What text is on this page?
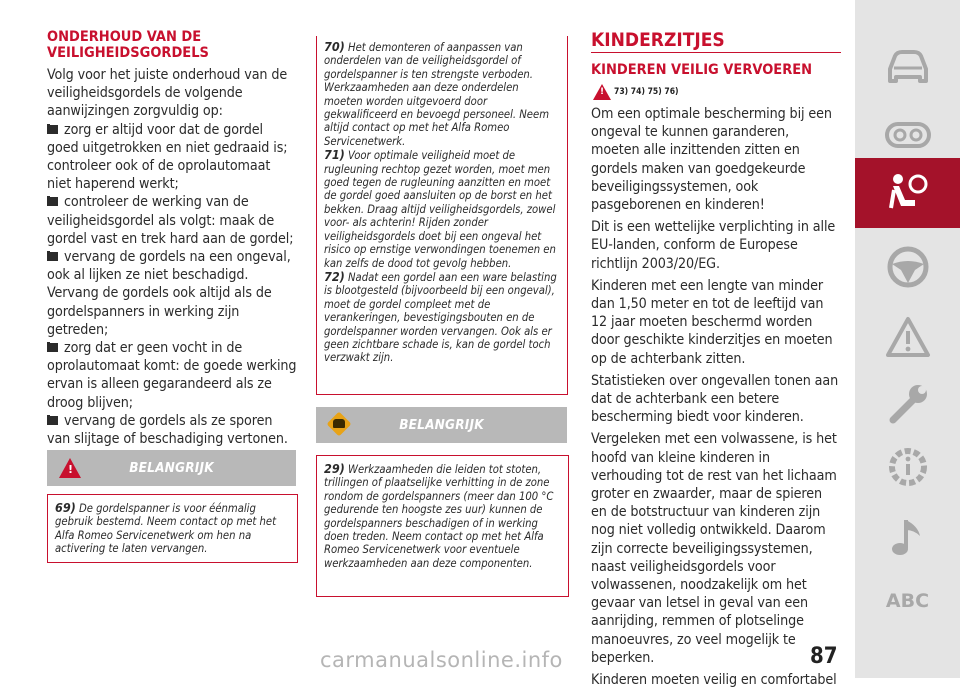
ONDERHOUD VAN DE
VEILIGHEIDSGORDELS
Volg voor het juiste onderhoud van de veiligheidsgordels de volgende aanwijzingen zorgvuldig op:
zorg er altijd voor dat de gordel goed uitgetrokken en niet gedraaid is; controleer ook of de oprolautomaat niet haperend werkt;
controleer de werking van de veiligheidsgordel als volgt: maak de gordel vast en trek hard aan de gordel;
vervang de gordels na een ongeval, ook al lijken ze niet beschadigd. Vervang de gordels ook altijd als de gordelspanners in werking zijn getreden;
zorg dat er geen vocht in de oprolautomaat komt: de goede werking ervan is alleen gegarandeerd als ze droog blijven;
vervang de gordels als ze sporen van slijtage of beschadiging vertonen.
!	BELANGRIJK
69) De gordelspanner is voor éénmalig gebruik bestemd. Neem contact op met het Alfa Romeo Servicenetwerk om hen na activering te laten vervangen.
70) Het demonteren of aanpassen van onderdelen van de veiligheidsgordel of gordelspanner is ten strengste verboden. Werkzaamheden aan deze onderdelen moeten worden uitgevoerd door gekwalificeerd en bevoegd personeel. Neem altijd contact op met het Alfa Romeo Servicenetwerk.
71) Voor optimale veiligheid moet de rugleuning rechtop gezet worden, moet men goed tegen de rugleuning aanzitten en moet de gordel goed aansluiten op de borst en het bekken. Draag altijd veiligheidsgordels, zowel voor- als achterin! Rijden zonder veiligheidsgordels doet bij een ongeval het risico op ernstige verwondingen toenemen en kan zelfs de dood tot gevolg hebben.
72) Nadat een gordel aan een ware belasting is blootgesteld (bijvoorbeeld bij een ongeval), moet de gordel compleet met de verankeringen, bevestigingsbouten en de gordelspanner worden vervangen. Ook als er geen zichtbare schade is, kan de gordel toch verzwakt zijn.
BELANGRIJK
29) Werkzaamheden die leiden tot stoten, trillingen of plaatselijke verhitting in de zone rondom de gordelspanners (meer dan 100 °C gedurende ten hoogste zes uur) kunnen de gordelspanners beschadigen of in werking doen treden. Neem contact op met het Alfa Romeo Servicenetwerk voor eventuele werkzaamheden aan deze componenten.
KINDERZITJES
KINDEREN VEILIG VERVOEREN
! 73) 74) 75) 76)

Om een optimale bescherming bij een ongeval te kunnen garanderen, moeten alle inzittenden zitten en gordels maken van goedgekeurde beveiligingssystemen, ook pasgeborenen en kinderen!

Dit is een wettelijke verplichting in alle EU-landen, conform de Europese richtlijn 2003/20/EG.

Kinderen met een lengte van minder dan 1,50 meter en tot de leeftijd van 12 jaar moeten beschermd worden door geschikte kinderzitjes en moeten op de achterbank zitten.

Statistieken over ongevallen tonen aan dat de achterbank een betere bescherming biedt voor kinderen.

Vergeleken met een volwassene, is het hoofd van kleine kinderen in verhouding tot de rest van het lichaam groter en zwaarder, maar de spieren en de botstructuur van kinderen zijn nog niet volledig ontwikkeld. Daarom zijn correcte beveiligingssystemen, naast veiligheidsgordels voor volwassenen, noodzakelijk om het gevaar van letsel in geval van een aanrijding, remmen of plotselinge manoeuvres, zo veel mogelijk te beperken.

Kinderen moeten veilig en comfortabel

87
carmanualsonline.info
ABC
